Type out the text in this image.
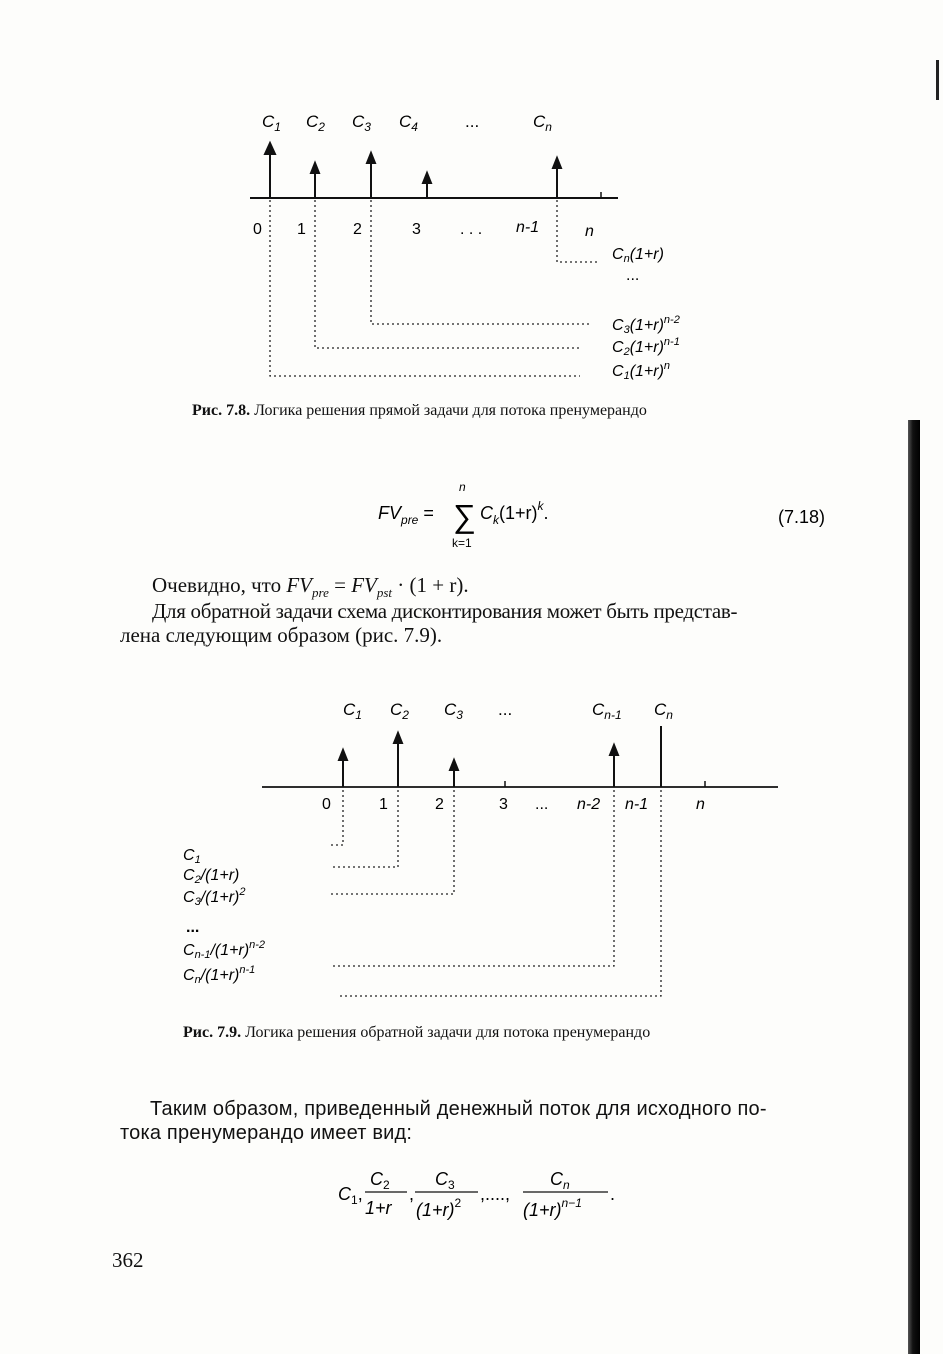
$C_1$ $C_2$ $C_3$ $C_4$	...	$C_n$
0 1	2	3 . . . n-1	n
Cn(1+r)
...
$C3(1+r)^{n-2}$
$C2(1+r)^{n-1}$
$C1(1+r)^n$
Рис. 7.8. Логика решения прямой задачи для потока пренумерандо
$FV_{pre}$ =
n
∑
k=1
$C_k(1+r)^k$.	(7.18)
Очевидно, что $FV_{pre} = FV_{pst} \cdot (1 + r)$.
Для обратной задачи схема дисконтирования может быть представ-
лена следующим образом (рис. 7.9).
$C_1$ $C_2$ $C_3$ ...	$C_{n-1}$ $C_n$
0	1	2	3 ... n-2 n-1	n
C1
C2/(1+r)
$C3/(1+r)^2$
...
$Cn-1/(1+r)^{n-2}$
$Cn/(1+r)^{n-1}$
Рис. 7.9. Логика решения обратной задачи для потока пренумерандо
Таким образом, приведенный денежный поток для исходного по-
тока пренумерандо имеет вид:
$C_1$,
$C_2$
1+r
,
$C_3$
$(1+r)^2$ ,....,
$C_n$
$(1+r)^{n-1}$ .
362
